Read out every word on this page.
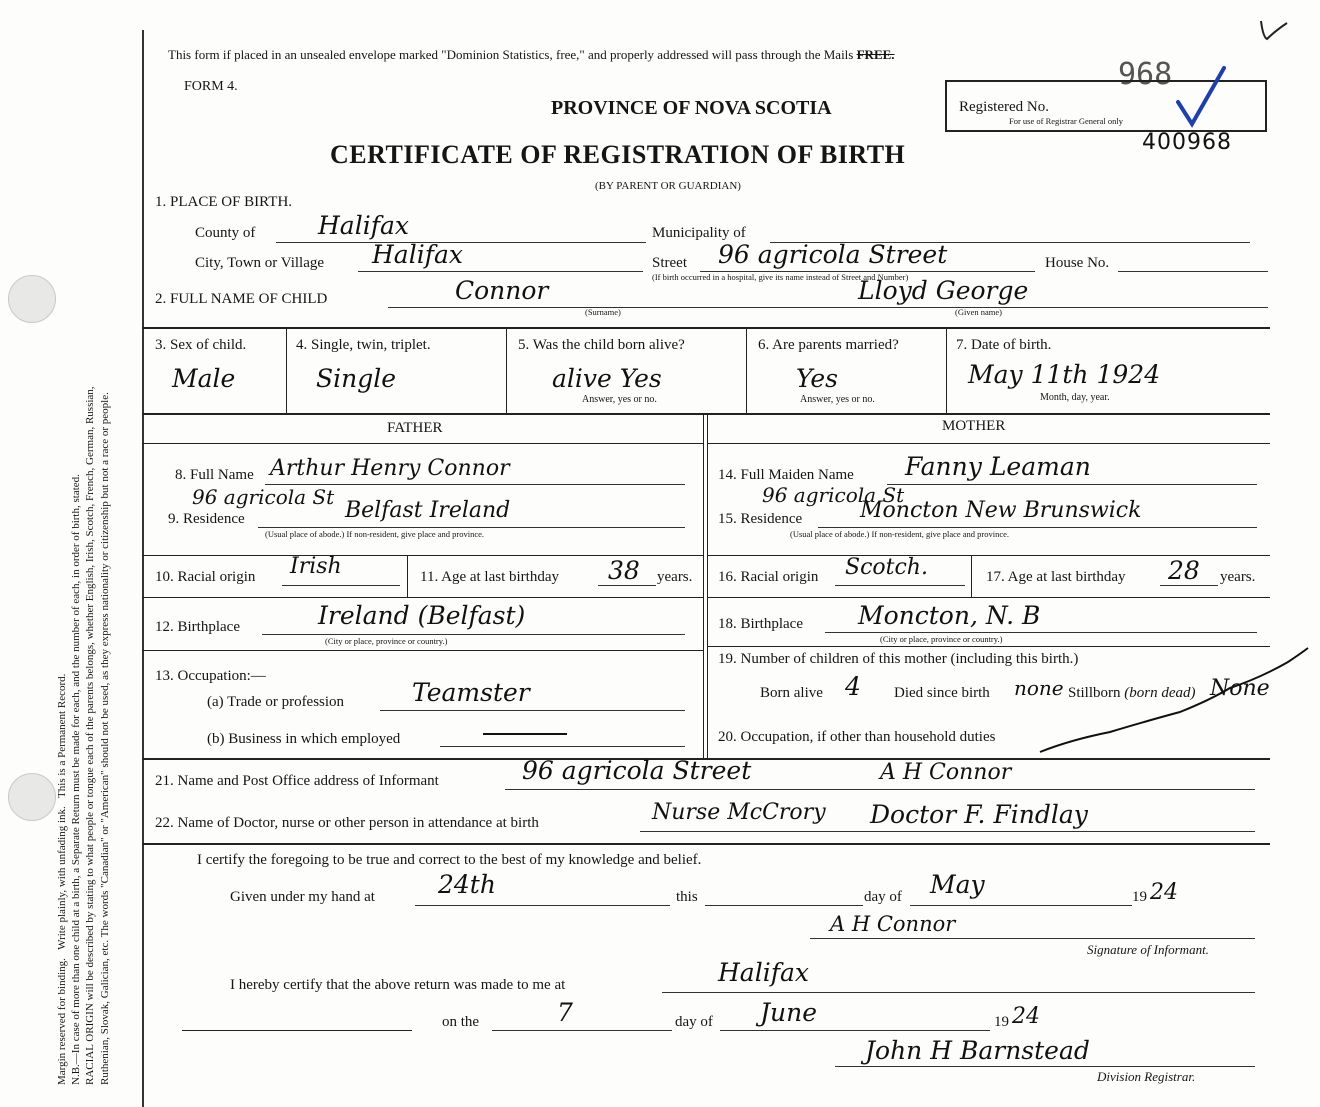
Margin reserved for binding.   Write plainly, with unfading ink.   This is a Permanent Record. N.B.—In case of more than one child at a birth, a Separate Return must be made for each, and the number of each, in order of birth, stated. RACIAL ORIGIN will be described by stating to what people or tongue each of the parents belongs, whether English, Irish, Scotch, French, German, Russian, Ruthenian, Slovak, Galician, etc. The words "Canadian" or "American" should not be used, as they express nationality or citizenship but not a race or people.
This form if placed in an unsealed envelope marked "Dominion Statistics, free," and properly addressed will pass through the Mails FREE.
FORM 4.	968
PROVINCE OF NOVA SCOTIA
CERTIFICATE OF REGISTRATION OF BIRTH
(BY PARENT OR GUARDIAN)
Registered No.
For use of Registrar General only
400968
1. PLACE OF BIRTH.
County of	Halifax	Municipality of
City, Town or Village Halifax	Street 96 agricola Street	House No.
(If birth occurred in a hospital, give its name instead of Street and Number)
2. FULL NAME OF CHILD	Connor
(Surname)
Lloyd George
(Given name)
3. Sex of child.
Male
4. Single, twin, triplet.
Single
5. Was the child born alive?
alive Yes
Answer, yes or no.
6. Are parents married?
Yes
Answer, yes or no.
7. Date of birth.
May 11th 1924
Month, day, year.
FATHER	MOTHER
8. Full Name Arthur Henry Connor
96 agricola St
9. Residence	Belfast Ireland
(Usual place of abode.) If non-resident, give place and province.
10. Racial origin Irish	11. Age at last birthday 38 years.
12. Birthplace	Ireland (Belfast)
(City or place, province or country.)
13. Occupation:—
(a) Trade or profession	Teamster
(b) Business in which employed
14. Full Maiden Name Fanny Leaman
96 agricola St
15. Residence	Moncton New Brunswick
(Usual place of abode.) If non-resident, give place and province.
16. Racial origin Scotch.	17. Age at last birthday 28 years.
18. Birthplace Moncton, N. B
(City or place, province or country.)
19. Number of children of this mother (including this birth.)
Born alive 4 Died since birth none Stillborn (born dead) None
20. Occupation, if other than household duties
21. Name and Post Office address of Informant	96 agricola Street	A H Connor
22. Name of Doctor, nurse or other person in attendance at birth	Nurse McCrory Doctor F. Findlay
I certify the foregoing to be true and correct to the best of my knowledge and belief.
Given under my hand at	24th	this	day of May	19 24
A H Connor
Signature of Informant.
I hereby certify that the above return was made to me at	Halifax
on the	7	day of June	19 24
John H Barnstead
Division Registrar.
